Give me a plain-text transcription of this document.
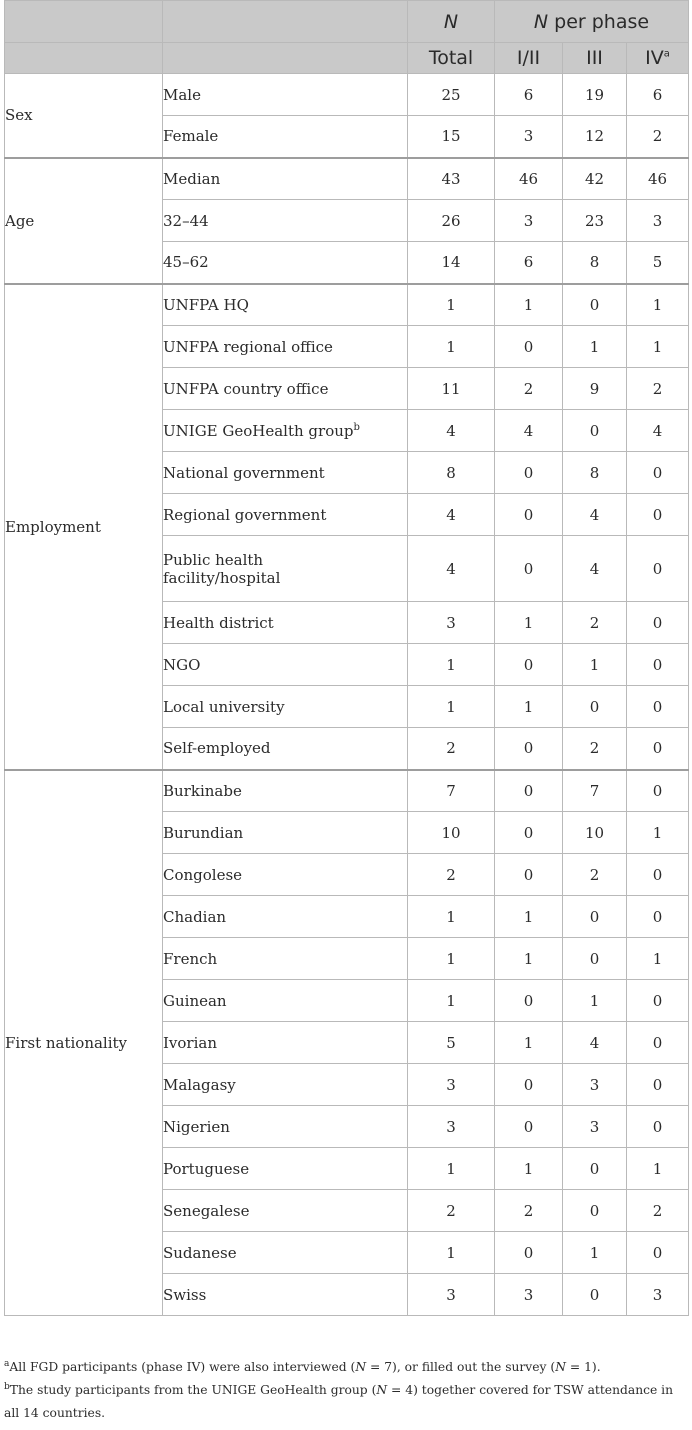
		N	N per phase		
		Total	I/II	III	$IV^a$
Sex	Male	25	6	19	6
	Female	15	3	12	2
Age	Median	43	46	42	46
	32–44	26	3	23	3
	45–62	14	6	8	5
Employment	UNFPA HQ	1	1	0	1
	UNFPA regional office	1	0	1	1
	UNFPA country office	11	2	9	2
	UNIGE GeoHealth group$^b$	4	4	0	4
	National government	8	0	8	0
	Regional government	4	0	4	0
	Public health
facility/hospital	4	0	4	0
	Health district	3	1	2	0
	NGO	1	0	1	0
	Local university	1	1	0	0
	Self-employed	2	0	2	0
First nationality	Burkinabe	7	0	7	0
	Burundian	10	0	10	1
	Congolese	2	0	2	0
	Chadian	1	1	0	0
	French	1	1	0	1
	Guinean	1	0	1	0
	Ivorian	5	1	4	0
	Malagasy	3	0	3	0
	Nigerien	3	0	3	0
	Portuguese	1	1	0	1
	Senegalese	2	2	0	2
	Sudanese	1	0	1	0
	Swiss	3	3	0	3
$^a$All FGD participants (phase IV) were also interviewed (N = 7), or filled out the survey (N = 1).
$^b$The study participants from the UNIGE GeoHealth group (N = 4) together covered for TSW attendance in all 14 countries.
